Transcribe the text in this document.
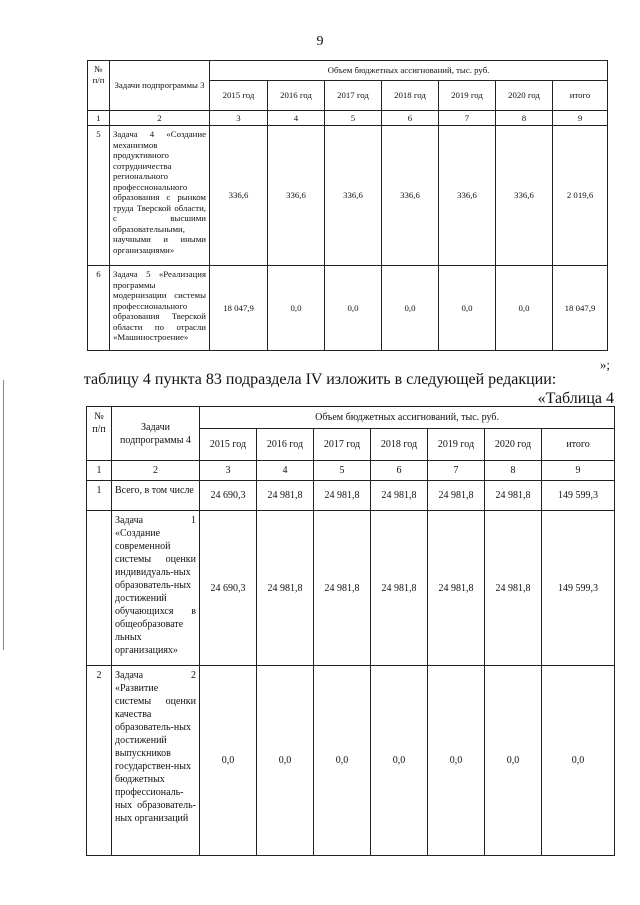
9
№ п/п	Задачи подпрограммы 3	Объем бюджетных ассигнований, тыс. руб.						
		2015 год	2016 год	2017 год	2018 год	2019 год	2020 год	итого
1	2	3	4	5	6	7	8	9
5	Задача 4 «Создание механизмов продуктивного сотрудничества регионального профессионального образования с рынком труда Тверской области, с высшими образовательными, научными и иными организациями»	336,6	336,6	336,6	336,6	336,6	336,6	2 019,6
6	Задача 5 «Реализация программы модернизации системы профессионального образования Тверской области по отрасли «Машиностроение»	18 047,9	0,0	0,0	0,0	0,0	0,0	18 047,9
»;
таблицу 4 пункта 83 подраздела IV изложить в следующей редакции:
«Таблица 4
№ п/п	Задачи подпрограммы 4	Объем бюджетных ассигнований, тыс. руб.						
		2015 год	2016 год	2017 год	2018 год	2019 год	2020 год	итого
1	2	3	4	5	6	7	8	9
1	Всего, в том числе	24 690,3	24 981,8	24 981,8	24 981,8	24 981,8	24 981,8	149 599,3
	Задача 1 «Создание современной системы оценки индивидуаль-ных образователь-ных достижений обучающихся в общеобразовате льных организациях»	24 690,3	24 981,8	24 981,8	24 981,8	24 981,8	24 981,8	149 599,3
2	Задача 2 «Развитие системы оценки качества образователь-ных достижений выпускников государствен-ных бюджетных профессиональ-ных образователь-ных организаций	0,0	0,0	0,0	0,0	0,0	0,0	0,0
